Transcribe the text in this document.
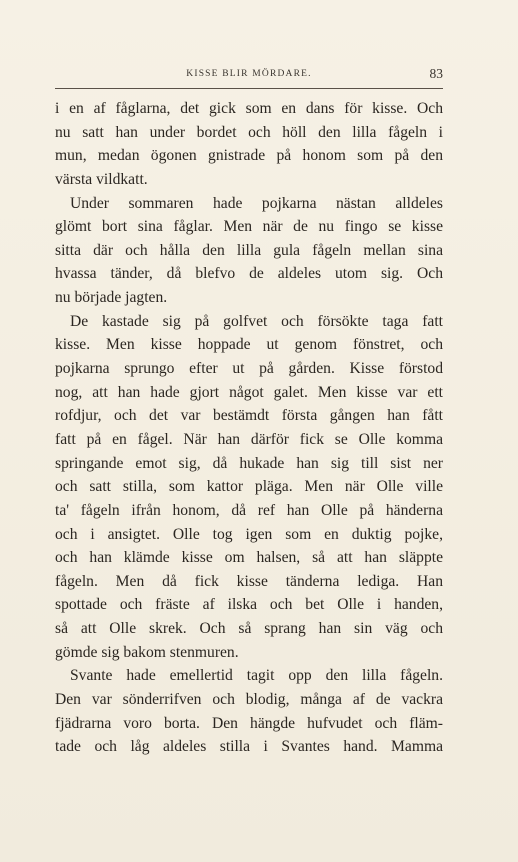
KISSE BLIR MÖRDARE.	83
i en af fåglarna, det gick som en dans för kisse. Och
nu satt han under bordet och höll den lilla fågeln i
mun, medan ögonen gnistrade på honom som på den
värsta vildkatt.
Under sommaren hade pojkarna nästan alldeles
glömt bort sina fåglar. Men när de nu fingo se kisse
sitta där och hålla den lilla gula fågeln mellan sina
hvassa tänder, då blefvo de aldeles utom sig. Och
nu började jagten.
De kastade sig på golfvet och försökte taga fatt
kisse. Men kisse hoppade ut genom fönstret, och
pojkarna sprungo efter ut på gården. Kisse förstod
nog, att han hade gjort något galet. Men kisse var ett
rofdjur, och det var bestämdt första gången han fått
fatt på en fågel. När han därför fick se Olle komma
springande emot sig, då hukade han sig till sist ner
och satt stilla, som kattor pläga. Men när Olle ville
ta' fågeln ifrån honom, då ref han Olle på händerna
och i ansigtet. Olle tog igen som en duktig pojke,
och han klämde kisse om halsen, så att han släppte
fågeln. Men då fick kisse tänderna lediga. Han
spottade och fräste af ilska och bet Olle i handen,
så att Olle skrek. Och så sprang han sin väg och
gömde sig bakom stenmuren.
Svante hade emellertid tagit opp den lilla fågeln.
Den var sönderrifven och blodig, många af de vackra
fjädrarna voro borta. Den hängde hufvudet och fläm-
tade och låg aldeles stilla i Svantes hand. Mamma
